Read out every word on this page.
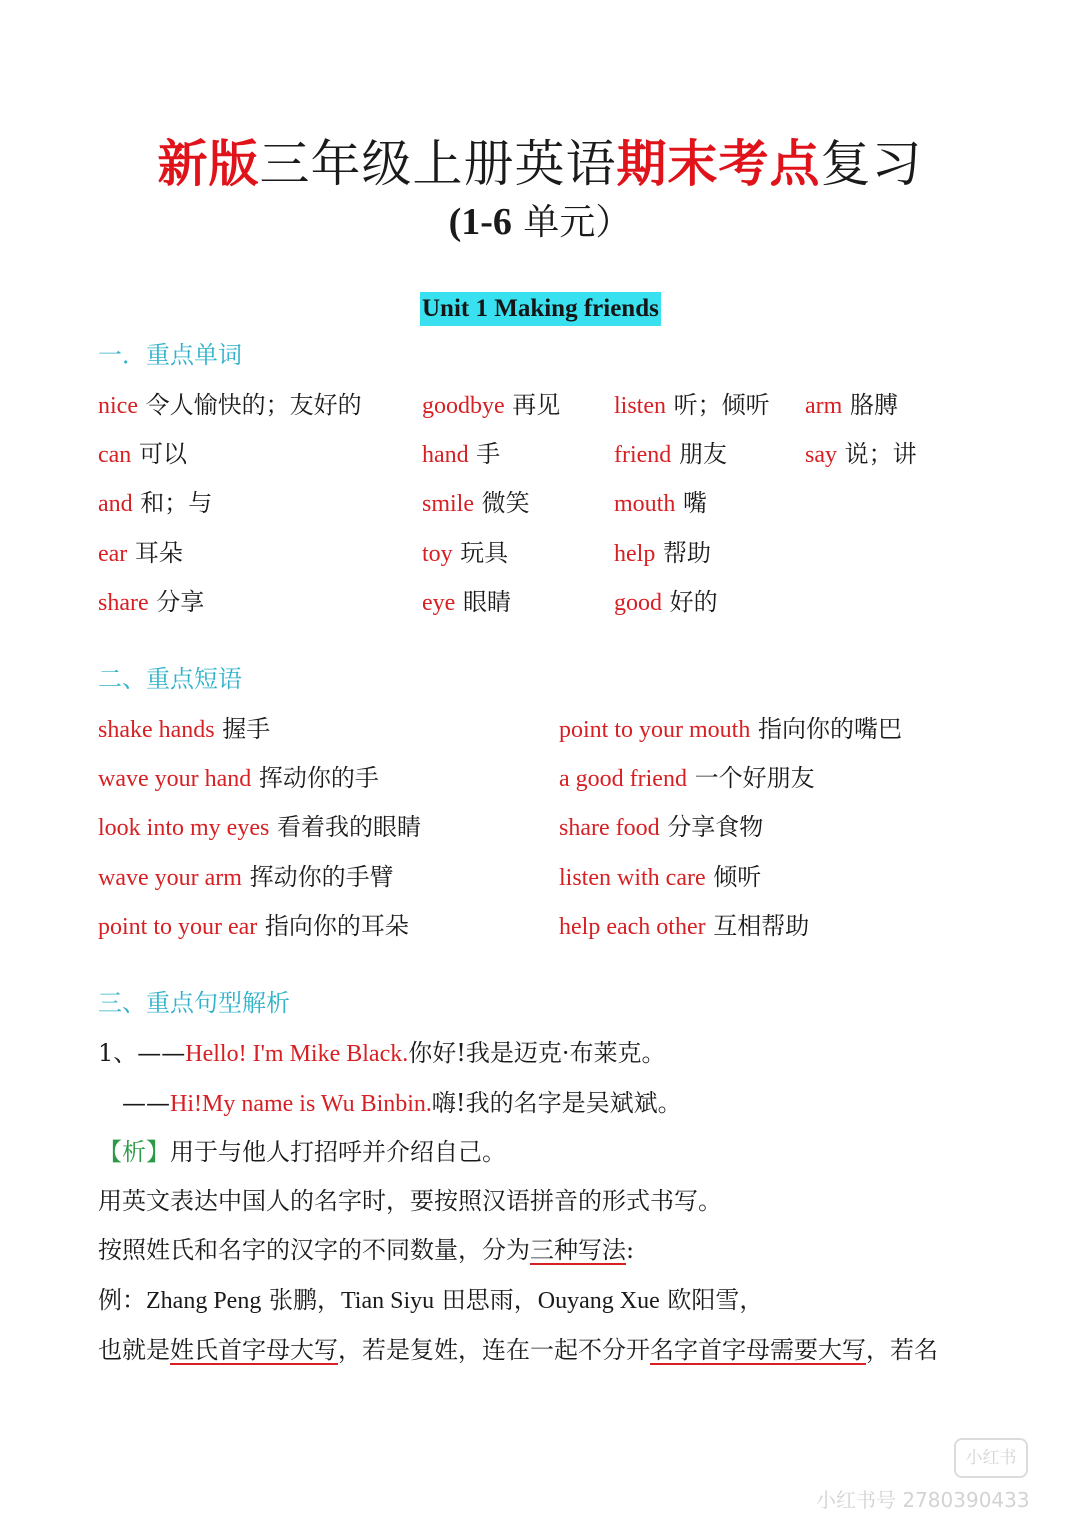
新版三年级上册英语期末考点复习
(1-6 单元）
Unit 1 Making friends
一．重点单词
nice 令人愉快的；友好的	goodbye 再见 listen 听；倾听 arm 胳膊
can 可以	hand 手	friend 朋友	say 说；讲
and 和；与	smile 微笑	mouth 嘴
ear 耳朵	toy 玩具	help 帮助
share 分享	eye 眼睛	good 好的
二、重点短语
shake hands 握手	point to your mouth 指向你的嘴巴
wave your hand 挥动你的手	a good friend 一个好朋友
look into my eyes 看着我的眼睛	share food 分享食物
wave your arm 挥动你的手臂	listen with care 倾听
point to your ear 指向你的耳朵	help each other 互相帮助
三、重点句型解析
1、——Hello! I'm Mike Black.你好!我是迈克·布莱克。
——Hi!My name is Wu Binbin.嗨!我的名字是吴斌斌。
【析】用于与他人打招呼并介绍自己。
用英文表达中国人的名字时，要按照汉语拼音的形式书写。
按照姓氏和名字的汉字的不同数量，分为三种写法:
例：Zhang Peng 张鹏，Tian Siyu 田思雨，Ouyang Xue 欧阳雪，
也就是姓氏首字母大写，若是复姓，连在一起不分开名字首字母需要大写，若名
小红书
小红书号 2780390433
